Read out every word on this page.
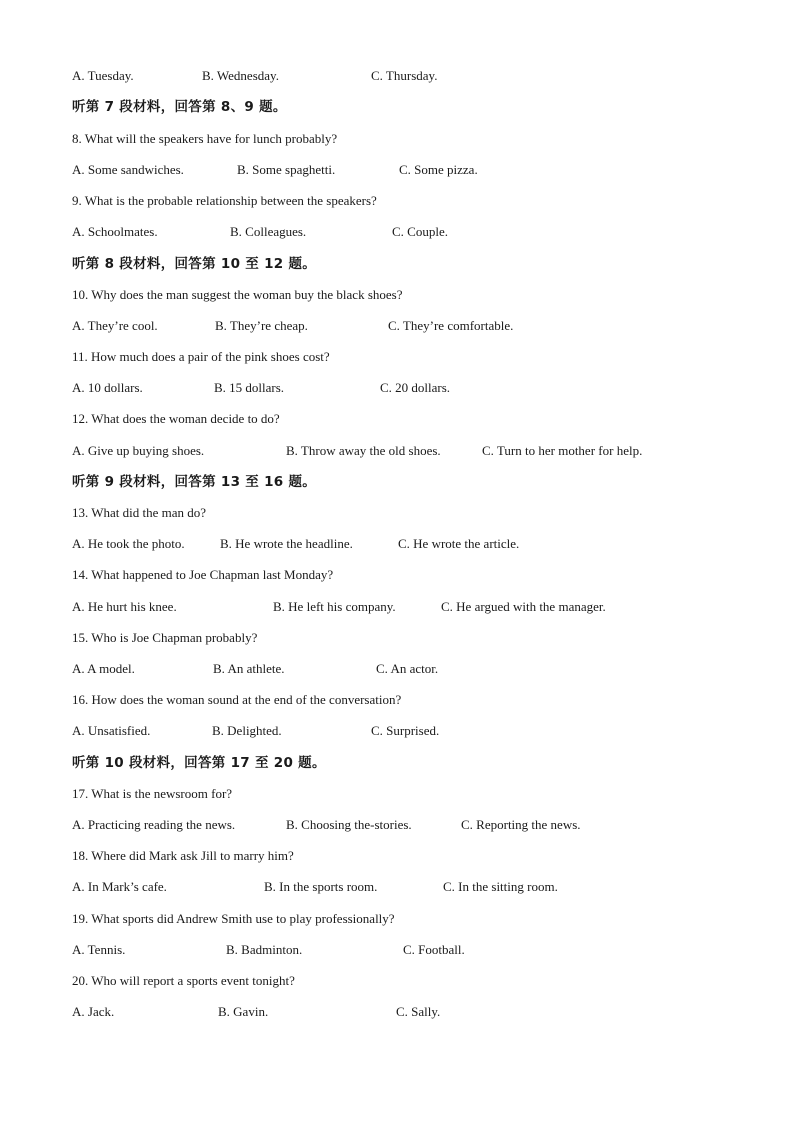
A. Tuesday.	B. Wednesday.	C. Thursday.
听第 7 段材料，回答第 8、9 题。
8. What will the speakers have for lunch probably?
A. Some sandwiches.	B. Some spaghetti.	C. Some pizza.
9. What is the probable relationship between the speakers?
A. Schoolmates.	B. Colleagues.	C. Couple.
听第 8 段材料，回答第 10 至 12 题。
10. Why does the man suggest the woman buy the black shoes?
A. They’re cool.	B. They’re cheap.	C. They’re comfortable.
11. How much does a pair of the pink shoes cost?
A. 10 dollars.	B. 15 dollars.	C. 20 dollars.
12. What does the woman decide to do?
A. Give up buying shoes.	B. Throw away the old shoes.	C. Turn to her mother for help.
听第 9 段材料，回答第 13 至 16 题。
13. What did the man do?
A. He took the photo.	B. He wrote the headline.	C. He wrote the article.
14. What happened to Joe Chapman last Monday?
A. He hurt his knee.	B. He left his company.	C. He argued with the manager.
15. Who is Joe Chapman probably?
A. A model.	B. An athlete.	C. An actor.
16. How does the woman sound at the end of the conversation?
A. Unsatisfied.	B. Delighted.	C. Surprised.
听第 10 段材料，回答第 17 至 20 题。
17. What is the newsroom for?
A. Practicing reading the news.	B. Choosing the-stories.	C. Reporting the news.
18. Where did Mark ask Jill to marry him?
A. In Mark’s cafe.	B. In the sports room.	C. In the sitting room.
19. What sports did Andrew Smith use to play professionally?
A. Tennis.	B. Badminton.	C. Football.
20. Who will report a sports event tonight?
A. Jack.	B. Gavin.	C. Sally.
